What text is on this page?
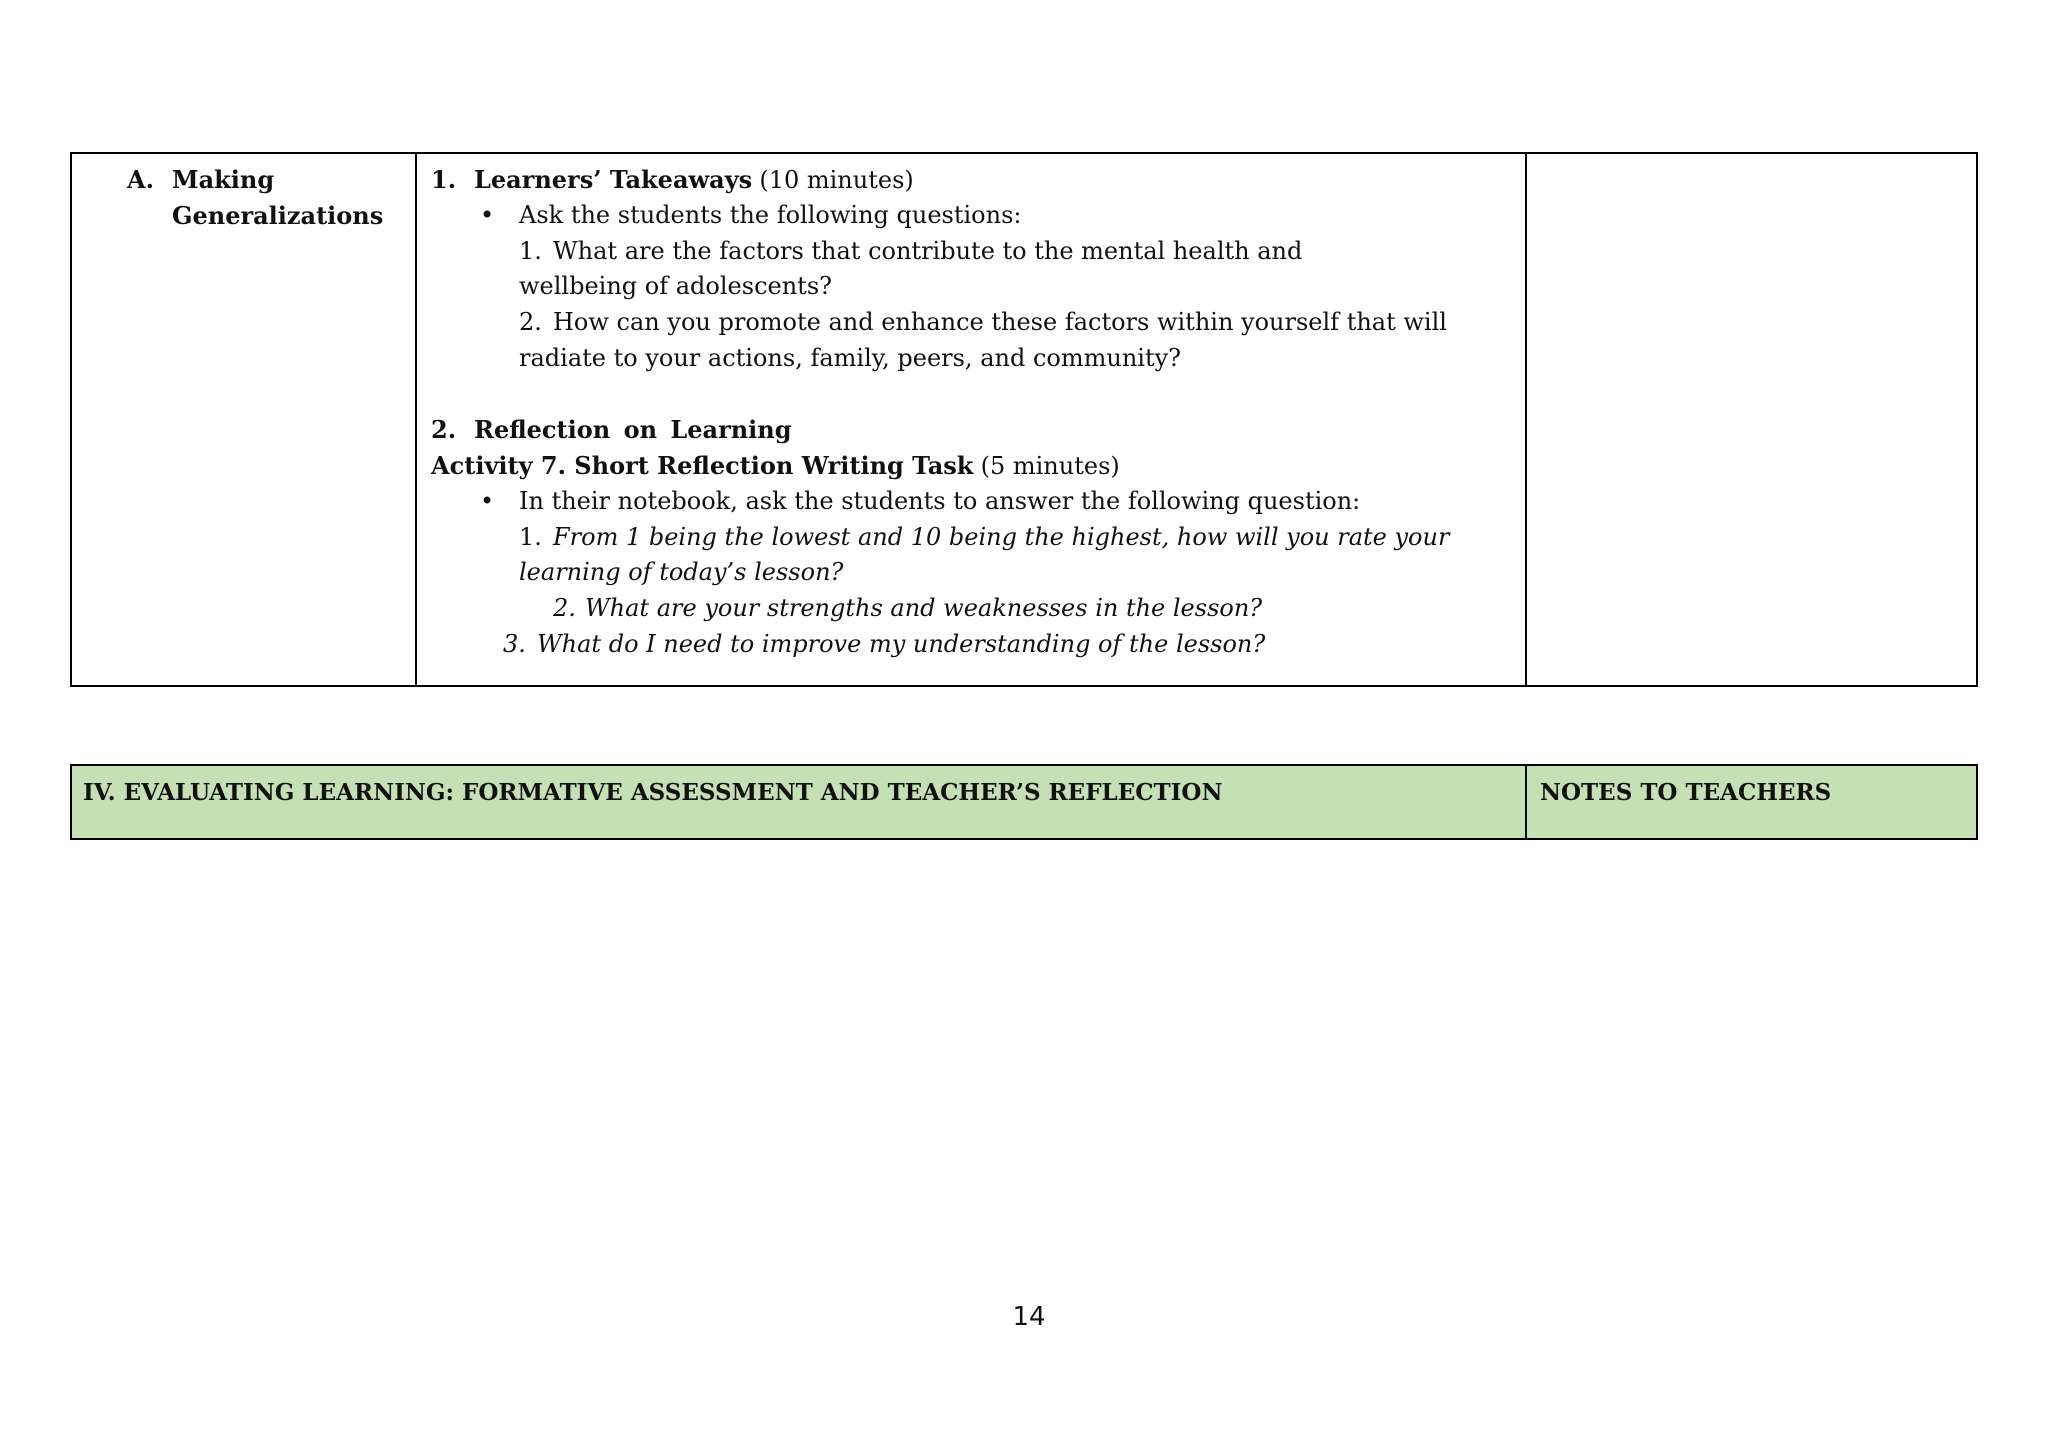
A. Making Generalizations
1. Learners’ Takeaways (10 minutes)
•Ask the students the following questions:
1. What are the factors that contribute to the mental health and
wellbeing of adolescents?
2. How can you promote and enhance these factors within yourself that will
radiate to your actions, family, peers, and community?
2. Reflection on Learning
Activity 7. Short Reflection Writing Task (5 minutes)
•In their notebook, ask the students to answer the following question:
1. From 1 being the lowest and 10 being the highest, how will you rate your
learning of today’s lesson?
2. What are your strengths and weaknesses in the lesson?
3. What do I need to improve my understanding of the lesson?
IV. EVALUATING LEARNING: FORMATIVE ASSESSMENT AND TEACHER’S REFLECTION	NOTES TO TEACHERS
14
